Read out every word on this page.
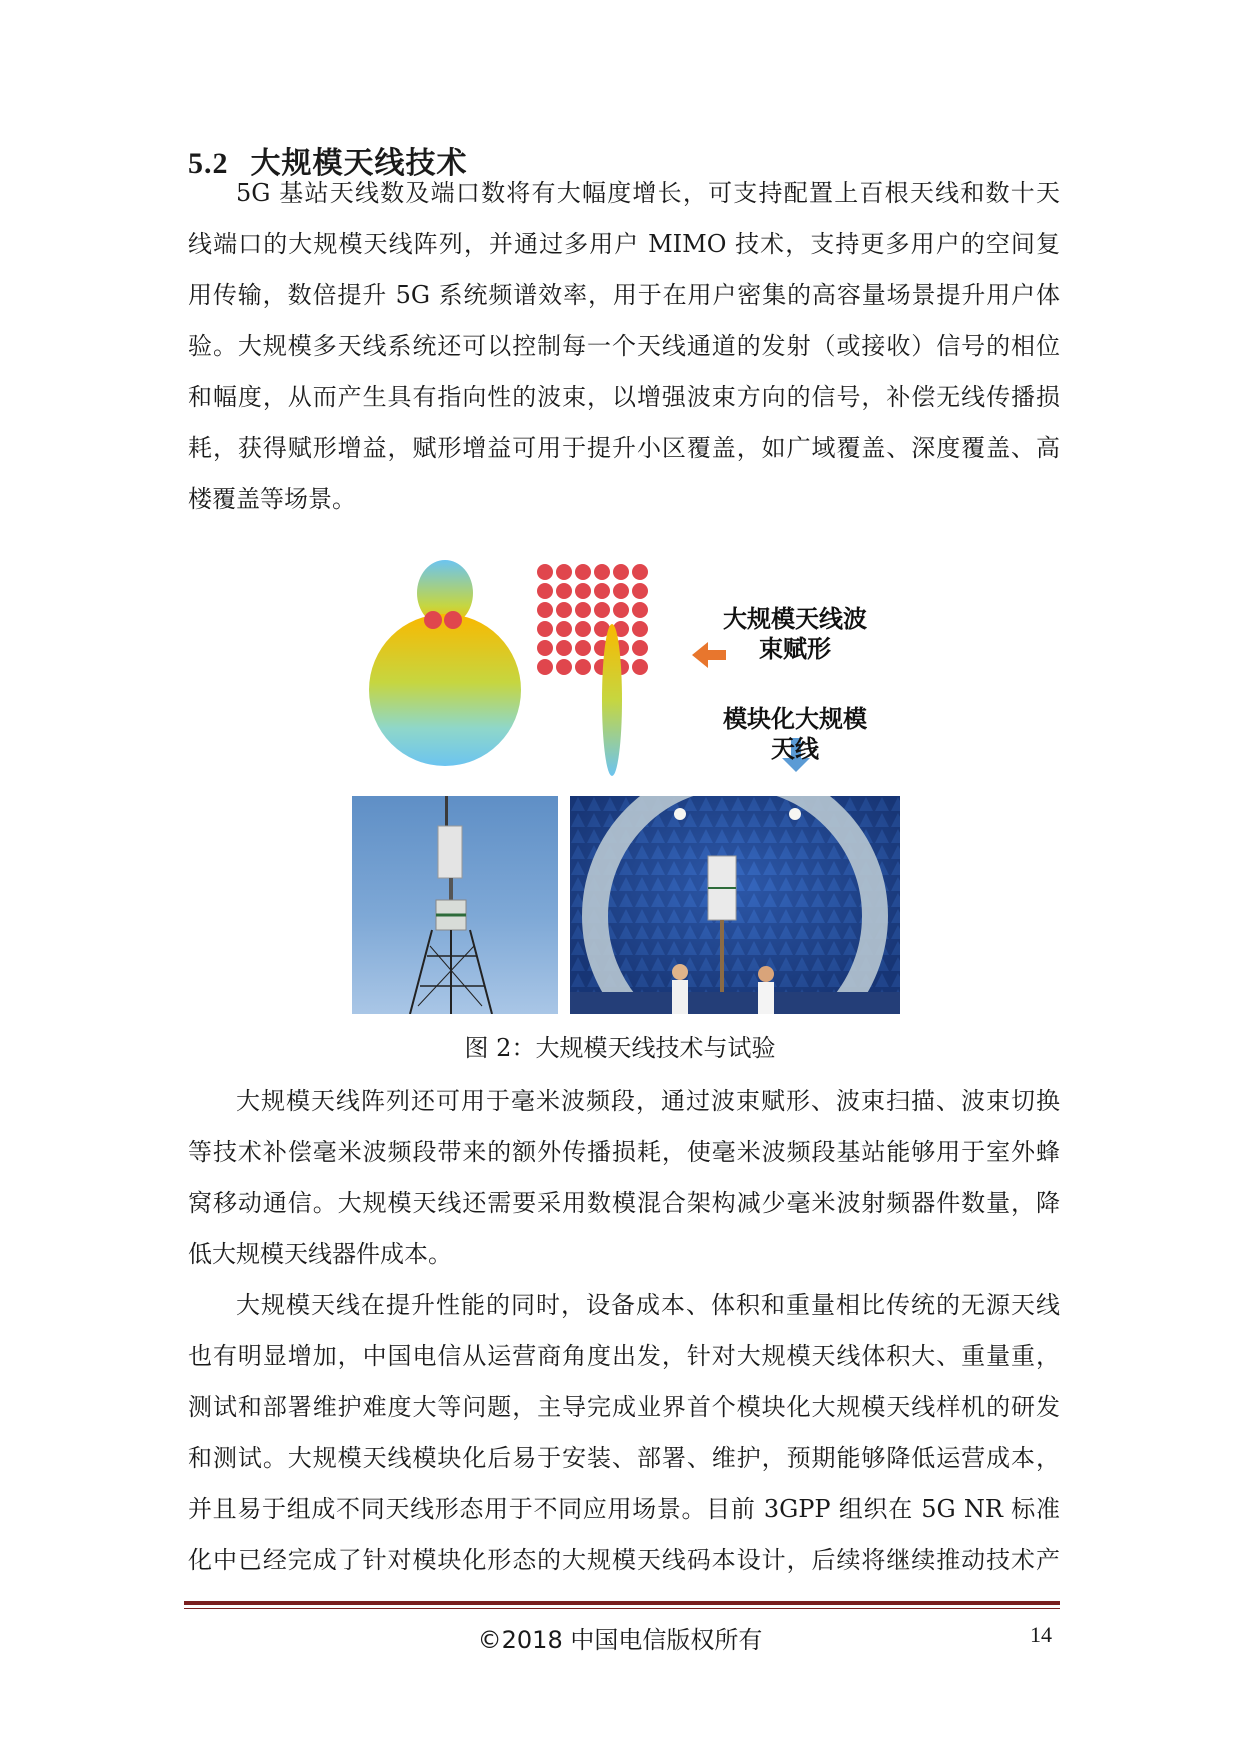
5.2 大规模天线技术
5G 基站天线数及端口数将有大幅度增长，可支持配置上百根天线和数十天
线端口的大规模天线阵列，并通过多用户 MIMO 技术，支持更多用户的空间复
用传输，数倍提升 5G 系统频谱效率，用于在用户密集的高容量场景提升用户体
验。大规模多天线系统还可以控制每一个天线通道的发射（或接收）信号的相位
和幅度，从而产生具有指向性的波束，以增强波束方向的信号，补偿无线传播损
耗，获得赋形增益，赋形增益可用于提升小区覆盖，如广域覆盖、深度覆盖、高
楼覆盖等场景。
大规模天线波
束赋形
模块化大规模
天线
图 2：大规模天线技术与试验
大规模天线阵列还可用于毫米波频段，通过波束赋形、波束扫描、波束切换
等技术补偿毫米波频段带来的额外传播损耗，使毫米波频段基站能够用于室外蜂
窝移动通信。大规模天线还需要采用数模混合架构减少毫米波射频器件数量，降
低大规模天线器件成本。
大规模天线在提升性能的同时，设备成本、体积和重量相比传统的无源天线
也有明显增加，中国电信从运营商角度出发，针对大规模天线体积大、重量重，
测试和部署维护难度大等问题，主导完成业界首个模块化大规模天线样机的研发
和测试。大规模天线模块化后易于安装、部署、维护，预期能够降低运营成本，
并且易于组成不同天线形态用于不同应用场景。目前 3GPP 组织在 5G NR 标准
化中已经完成了针对模块化形态的大规模天线码本设计，后续将继续推动技术产
©2018 中国电信版权所有	14
